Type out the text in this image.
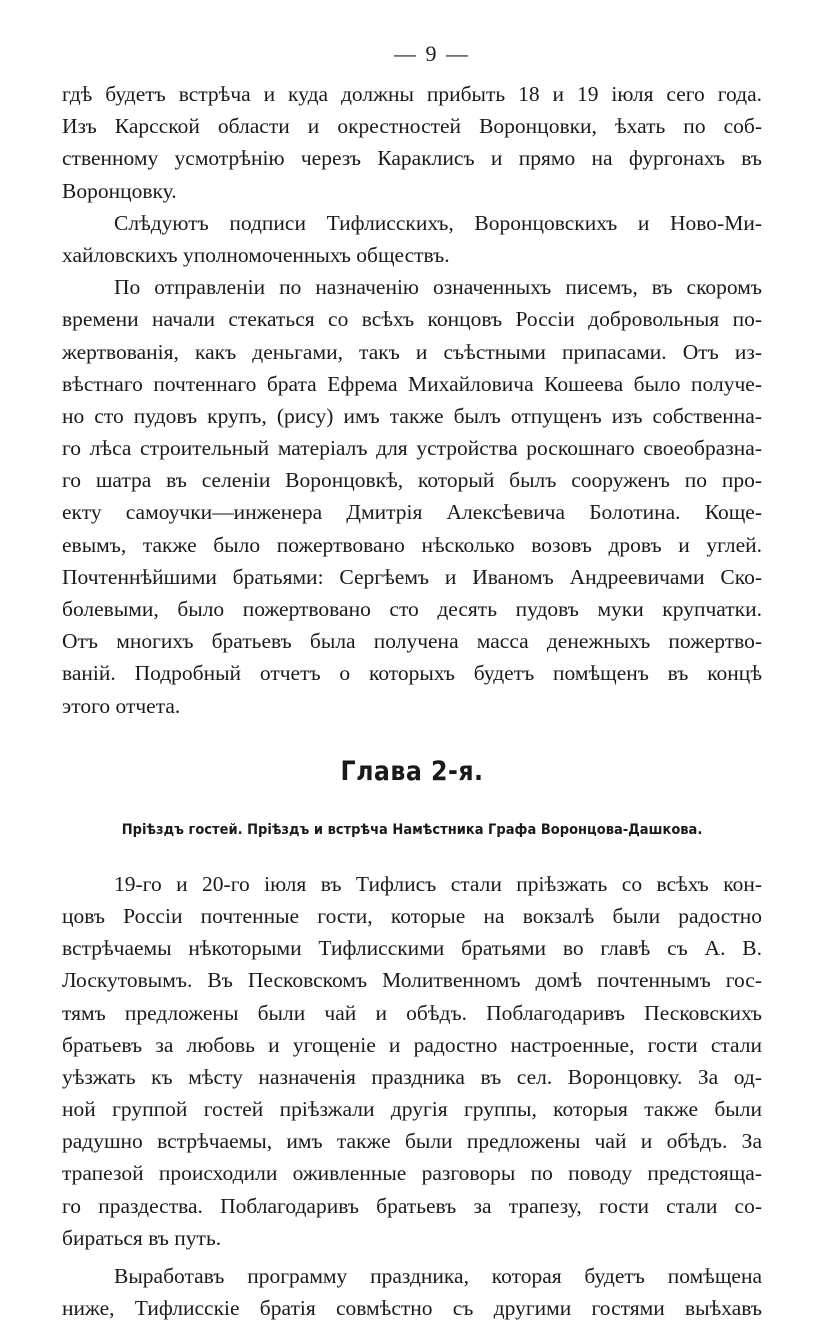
— 9 —
гдѣ будетъ встрѣча и куда должны прибыть 18 и 19 іюля сего года.
Изъ Карсской области и окрестностей Воронцовки, ѣхать по соб-
ственному усмотрѣнію черезъ Караклисъ и прямо на фургонахъ въ
Воронцовку.
Слѣдуютъ подписи Тифлисскихъ, Воронцовскихъ и Ново-Ми-
хайловскихъ уполномоченныхъ обществъ.
По отправленіи по назначенію означенныхъ писемъ, въ скоромъ
времени начали стекаться со всѣхъ концовъ Россіи добровольныя по-
жертвованія, какъ деньгами, такъ и съѣстными припасами. Отъ из-
вѣстнаго почтеннаго брата Ефрема Михайловича Кошеева было получе-
но сто пудовъ крупъ, (рису) имъ также былъ отпущенъ изъ собственна-
го лѣса строительный матеріалъ для устройства роскошнаго своеобразна-
го шатра въ селеніи Воронцовкѣ, который былъ сооруженъ по про-
екту самоучки—инженера Дмитрія Алексѣевича Болотина. Кощe-
евымъ, также было пожертвовано нѣсколько возовъ дровъ и углей.
Почтеннѣйшими братьями: Сергѣемъ и Иваномъ Андреевичами Ско-
болевыми, было пожертвовано сто десять пудовъ муки крупчатки.
Отъ многихъ братьевъ была получена масса денежныхъ пожертво-
ваній. Подробный отчетъ о которыхъ будетъ помѣщенъ въ концѣ
этого отчета.
Глава 2-я.
Пріѣздъ гостей. Пріѣздъ и встрѣча Намѣстника Графа Воронцова-Дашкова.
19-го и 20-го іюля въ Тифлисъ стали пріѣзжать со всѣхъ кон-
цовъ Россіи почтенные гости, которые на вокзалѣ были радостно
встрѣчаемы нѣкоторыми Тифлисскими братьями во главѣ съ А. В.
Лоскутовымъ. Въ Песковскомъ Молитвенномъ домѣ почтеннымъ гос-
тямъ предложены были чай и обѣдъ. Поблагодаривъ Песковскихъ
братьевъ за любовь и угощеніе и радостно настроенные, гости стали
уѣзжать къ мѣсту назначенія праздника въ сел. Воронцовку. За од-
ной группой гостей пріѣзжали другія группы, которыя также были
радушно встрѣчаемы, имъ также были предложены чай и обѣдъ. За
трапезой происходили оживленные разговоры по поводу предстояща-
го праздества. Поблагодаривъ братьевъ за трапезу, гости стали со-
бираться въ путь.
Выработавъ программу праздника, которая будетъ помѣщена
ниже, Тифлисскіе братія совмѣстно съ другими гостями выѣхавъ
